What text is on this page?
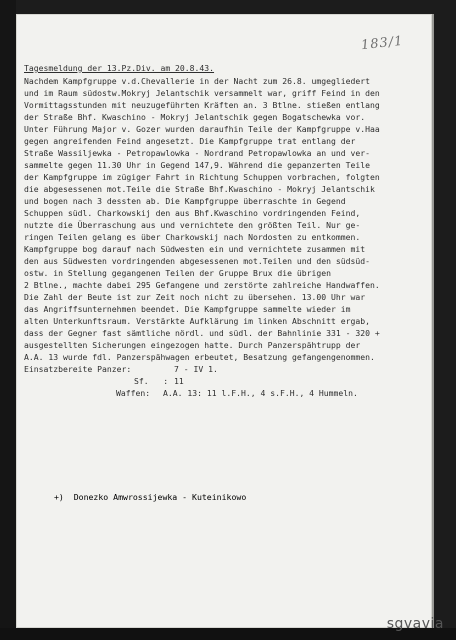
183/1
Tagesmeldung der 13.Pz.Div. am 20.8.43.
Nachdem Kampfgruppe v.d.Chevallerie in der Nacht zum 26.8. umgegliedert
und im Raum südostw.Mokryj Jelantschik versammelt war, griff Feind in den
Vormittagsstunden mit neuzugeführten Kräften an. 3 Btlne. stießen entlang
der Straße Bhf. Kwaschino - Mokryj Jelantschik gegen Bogatschewka vor.
Unter Führung Major v. Gozer wurden daraufhin Teile der Kampfgruppe v.Haa
gegen angreifenden Feind angesetzt. Die Kampfgruppe trat entlang der
Straße Wassiljewka - Petropawlowka - Nordrand Petropawlowka an und ver-
sammelte gegen 11.30 Uhr in Gegend 147,9. Während die gepanzerten Teile
der Kampfgruppe im zügiger Fahrt in Richtung Schuppen vorbrachen, folgten
die abgesessenen mot.Teile die Straße Bhf.Kwaschino - Mokryj Jelantschik
und bogen nach 3 dessten ab. Die Kampfgruppe überraschte in Gegend
Schuppen südl. Charkowskij den aus Bhf.Kwaschino vordringenden Feind,
nutzte die Überraschung aus und vernichtete den größten Teil. Nur ge-
ringen Teilen gelang es über Charkowskij nach Nordosten zu entkommen.
Kampfgruppe bog darauf nach Südwesten ein und vernichtete zusammen mit
den aus Südwesten vordringenden abgesessenen mot.Teilen und den südsüd-
ostw. in Stellung gegangenen Teilen der Gruppe Brux die übrigen
2 Btlne., machte dabei 295 Gefangene und zerstörte zahlreiche Handwaffen.
Die Zahl der Beute ist zur Zeit noch nicht zu übersehen. 13.00 Uhr war
das Angriffsunternehmen beendet. Die Kampfgruppe sammelte wieder im
alten Unterkunftsraum. Verstärkte Aufklärung im linken Abschnitt ergab,
dass der Gegner fast sämtliche nördl. und südl. der Bahnlinie 331 - 320 +
ausgestellten Sicherungen eingezogen hatte. Durch Panzerspähtrupp der
A.A. 13 wurde fdl. Panzerspähwagen erbeutet, Besatzung gefangengenommen.
Einsatzbereite Panzer:	7 - IV 1.
Sf.   : 11
Waffen:	A.A. 13: 11 l.F.H., 4 s.F.H., 4 Hummeln.
+)  Donezko Amwrossijewka - Kuteinikowo
sgvavia
